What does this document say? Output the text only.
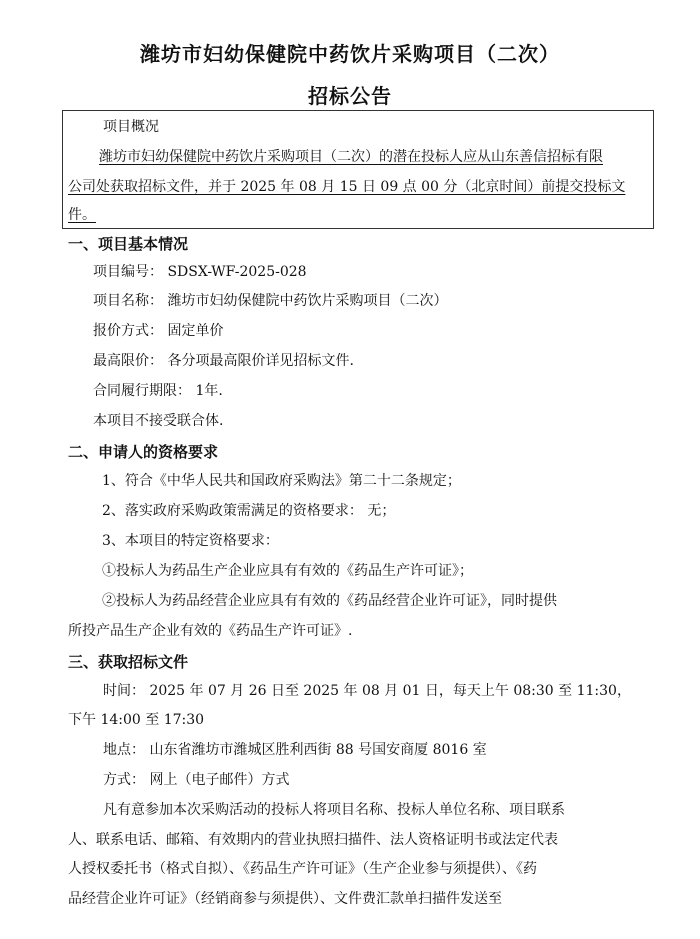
潍坊市妇幼保健院中药饮片采购项目（二次）
招标公告
项目概况
潍坊市妇幼保健院中药饮片采购项目（二次）的潜在投标人应从山东善信招标有限
公司处获取招标文件，并于 2025 年 08 月 15 日 09 点 00 分（北京时间）前提交投标文
件。
一、项目基本情况
项目编号： SDSX-WF-2025-028
项目名称： 潍坊市妇幼保健院中药饮片采购项目（二次）
报价方式： 固定单价
最高限价： 各分项最高限价详见招标文件.
合同履行期限： 1年.
本项目不接受联合体.
二、申请人的资格要求
1、符合《中华人民共和国政府采购法》第二十二条规定；
2、落实政府采购政策需满足的资格要求： 无；
3、本项目的特定资格要求：
①投标人为药品生产企业应具有有效的《药品生产许可证》；
②投标人为药品经营企业应具有有效的《药品经营企业许可证》，同时提供
所投产品生产企业有效的《药品生产许可证》.
三、获取招标文件
时间： 2025 年 07 月 26 日至 2025 年 08 月 01 日，每天上午 08:30 至 11:30，
下午 14:00 至 17:30
地点： 山东省潍坊市潍城区胜利西街 88 号国安商厦 8016 室
方式： 网上（电子邮件）方式
凡有意参加本次采购活动的投标人将项目名称、投标人单位名称、项目联系
人、联系电话、邮箱、有效期内的营业执照扫描件、法人资格证明书或法定代表
人授权委托书（格式自拟）、《药品生产许可证》（生产企业参与须提供）、《药
品经营企业许可证》（经销商参与须提供）、文件费汇款单扫描件发送至
